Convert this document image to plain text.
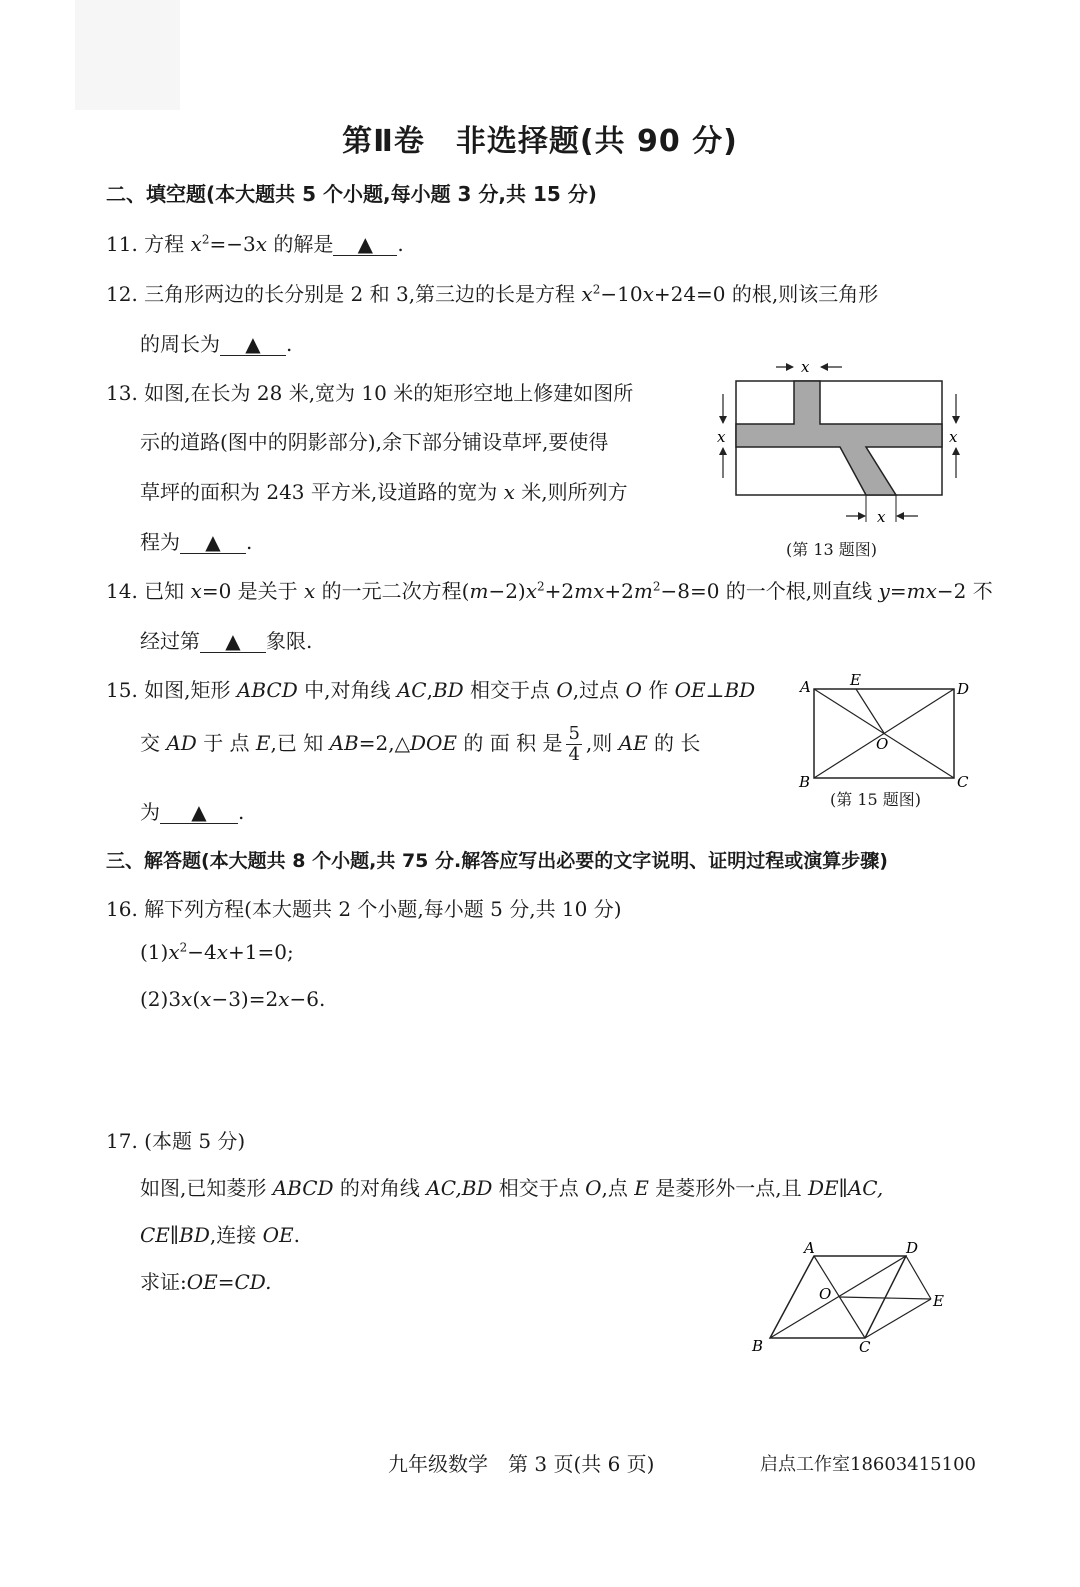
第Ⅱ卷　非选择题(共 90 分)
二、填空题(本大题共 5 个小题,每小题 3 分,共 15 分)
11. 方程 $x^2=-3x$ 的解是 ▲ .
12. 三角形两边的长分别是 2 和 3,第三边的长是方程 $x^2-10x+24=0$ 的根,则该三角形
的周长为 ▲ .
13. 如图,在长为 28 米,宽为 10 米的矩形空地上修建如图所
示的道路(图中的阴影部分),余下部分铺设草坪,要使得
草坪的面积为 243 平方米,设道路的宽为 x 米,则所列方
程为 ▲ .
x
x	x
x
(第 13 题图)
14. 已知 x=0 是关于 x 的一元二次方程$(m-2)x^2+2mx+2m^2-8=0$ 的一个根,则直线 y=mx−2 不
经过第 ▲ 象限.
15. 如图,矩形 ABCD 中,对角线 AC,BD 相交于点 O,过点 O 作 OE⊥BD
交 AD 于 点 E,已 知 AB=2,△DOE 的 面 积 是 $\frac{5}{4}$ ,则 AE 的 长
为 ▲ .
A	E	D
O
B	C
(第 15 题图)
三、解答题(本大题共 8 个小题,共 75 分.解答应写出必要的文字说明、证明过程或演算步骤)
16. 解下列方程(本大题共 2 个小题,每小题 5 分,共 10 分)
$(1)x^2-4x+1=0$;
(2)3x(x−3)=2x−6.
17. (本题 5 分)
如图,已知菱形 ABCD 的对角线 AC,BD 相交于点 O,点 E 是菱形外一点,且 DE∥AC,
CE∥BD,连接 OE.
求证:OE=CD.
A	D
O	E
B	C
九年级数学　第 3 页(共 6 页)	启点工作室18603415100
